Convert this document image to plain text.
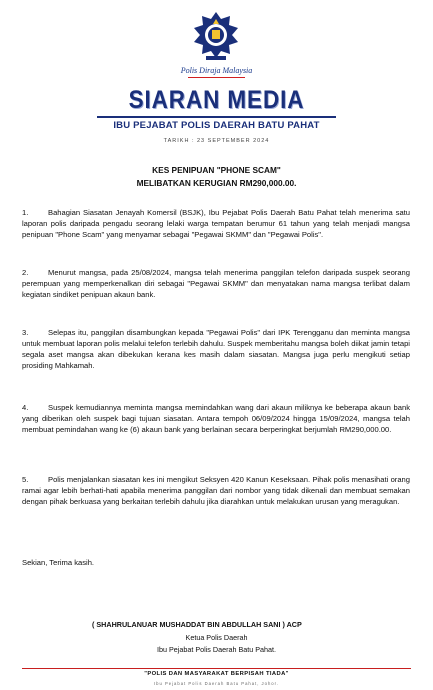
Polis Diraja Malaysia
SIARAN MEDIA
IBU PEJABAT POLIS DAERAH BATU PAHAT
TARIKH : 23 SEPTEMBER 2024
KES PENIPUAN "PHONE SCAM"
MELIBATKAN KERUGIAN RM290,000.00.
1.	Bahagian Siasatan Jenayah Komersil (BSJK), Ibu Pejabat Polis Daerah Batu Pahat telah menerima satu laporan polis daripada pengadu seorang lelaki warga tempatan berumur 61 tahun yang telah menjadi mangsa penipuan "Phone Scam" yang menyamar sebagai "Pegawai SKMM" dan "Pegawai Polis".
2.	Menurut mangsa, pada 25/08/2024, mangsa telah menerima panggilan telefon daripada suspek seorang perempuan yang memperkenalkan diri sebagai "Pegawai SKMM" dan menyatakan nama mangsa terlibat dalam kegiatan sindiket penipuan akaun bank.
3.	Selepas itu, panggilan disambungkan kepada "Pegawai Polis" dari IPK Terengganu dan meminta mangsa untuk membuat laporan polis melalui telefon terlebih dahulu. Suspek memberitahu mangsa boleh diikat jamin tetapi segala aset mangsa akan dibekukan kerana kes masih dalam siasatan. Mangsa juga perlu mengikuti setiap prosiding Mahkamah.
4.	Suspek kemudiannya meminta mangsa memindahkan wang dari akaun miliknya ke beberapa akaun bank yang diberikan oleh suspek bagi tujuan siasatan. Antara tempoh 06/09/2024 hingga 15/09/2024, mangsa telah membuat pemindahan wang ke (6) akaun bank yang berlainan secara berperingkat berjumlah RM290,000.00.
5.	Polis menjalankan siasatan kes ini mengikut Seksyen 420 Kanun Keseksaan. Pihak polis menasihati orang ramai agar lebih berhati-hati apabila menerima panggilan dari nombor yang tidak dikenali dan membuat semakan dengan pihak berkuasa yang berkaitan terlebih dahulu jika diarahkan untuk melakukan urusan yang meragukan.
Sekian, Terima kasih.
( SHAHRULANUAR MUSHADDAT BIN ABDULLAH SANI ) ACP
Ketua Polis Daerah
Ibu Pejabat Polis Daerah Batu Pahat.
"POLIS DAN MASYARAKAT BERPISAH TIADA"
Ibu Pejabat Polis Daerah Batu Pahat, Johor.
